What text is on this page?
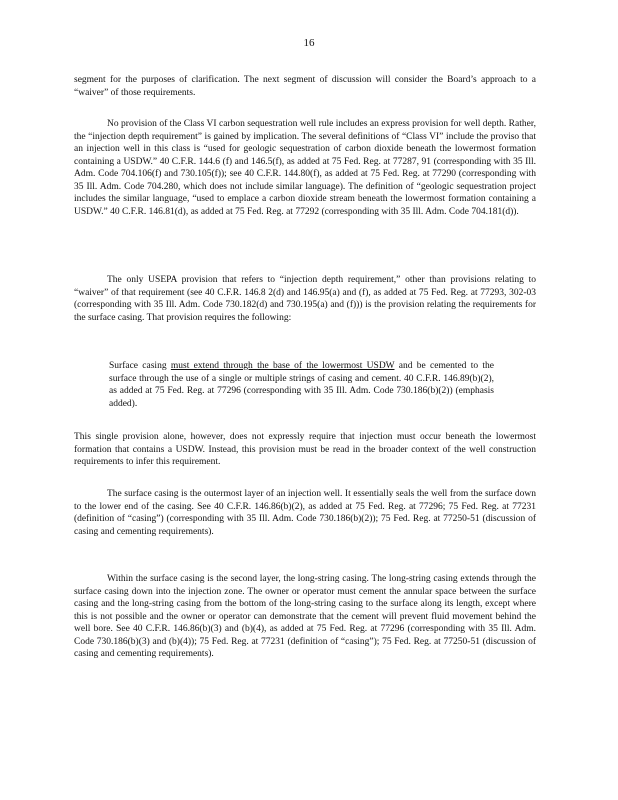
16

segment for the purposes of clarification. The next segment of discussion will consider the Board’s approach to a “waiver” of those requirements.

No provision of the Class VI carbon sequestration well rule includes an express provision for well depth. Rather, the “injection depth requirement” is gained by implication. The several definitions of “Class VI” include the proviso that an injection well in this class is “used for geologic sequestration of carbon dioxide beneath the lowermost formation containing a USDW.” 40 C.F.R. 144.6 (f) and 146.5(f), as added at 75 Fed. Reg. at 77287, 91 (corresponding with 35 Ill. Adm. Code 704.106(f) and 730.105(f)); see 40 C.F.R. 144.80(f), as added at 75 Fed. Reg. at 77290 (corresponding with 35 Ill. Adm. Code 704.280, which does not include similar language). The definition of “geologic sequestration project includes the similar language, “used to emplace a carbon dioxide stream beneath the lowermost formation containing a USDW.” 40 C.F.R. 146.81(d), as added at 75 Fed. Reg. at 77292 (corresponding with 35 Ill. Adm. Code 704.181(d)).

The only USEPA provision that refers to “injection depth requirement,” other than provisions relating to “waiver” of that requirement (see 40 C.F.R. 146.8 2(d) and 146.95(a) and (f), as added at 75 Fed. Reg. at 77293, 302-03 (corresponding with 35 Ill. Adm. Code 730.182(d) and 730.195(a) and (f))) is the provision relating the requirements for the surface casing. That provision requires the following:

Surface casing must extend through the base of the lowermost USDW and be cemented to the surface through the use of a single or multiple strings of casing and cement. 40 C.F.R. 146.89(b)(2), as added at 75 Fed. Reg. at 77296 (corresponding with 35 Ill. Adm. Code 730.186(b)(2)) (emphasis added).

This single provision alone, however, does not expressly require that injection must occur beneath the lowermost formation that contains a USDW. Instead, this provision must be read in the broader context of the well construction requirements to infer this requirement.

The surface casing is the outermost layer of an injection well. It essentially seals the well from the surface down to the lower end of the casing. See 40 C.F.R. 146.86(b)(2), as added at 75 Fed. Reg. at 77296; 75 Fed. Reg. at 77231 (definition of “casing”) (corresponding with 35 Ill. Adm. Code 730.186(b)(2)); 75 Fed. Reg. at 77250-51 (discussion of casing and cementing requirements).

Within the surface casing is the second layer, the long-string casing. The long-string casing extends through the surface casing down into the injection zone. The owner or operator must cement the annular space between the surface casing and the long-string casing from the bottom of the long-string casing to the surface along its length, except where this is not possible and the owner or operator can demonstrate that the cement will prevent fluid movement behind the well bore. See 40 C.F.R. 146.86(b)(3) and (b)(4), as added at 75 Fed. Reg. at 77296 (corresponding with 35 Ill. Adm. Code 730.186(b)(3) and (b)(4)); 75 Fed. Reg. at 77231 (definition of “casing”); 75 Fed. Reg. at 77250-51 (discussion of casing and cementing requirements).
